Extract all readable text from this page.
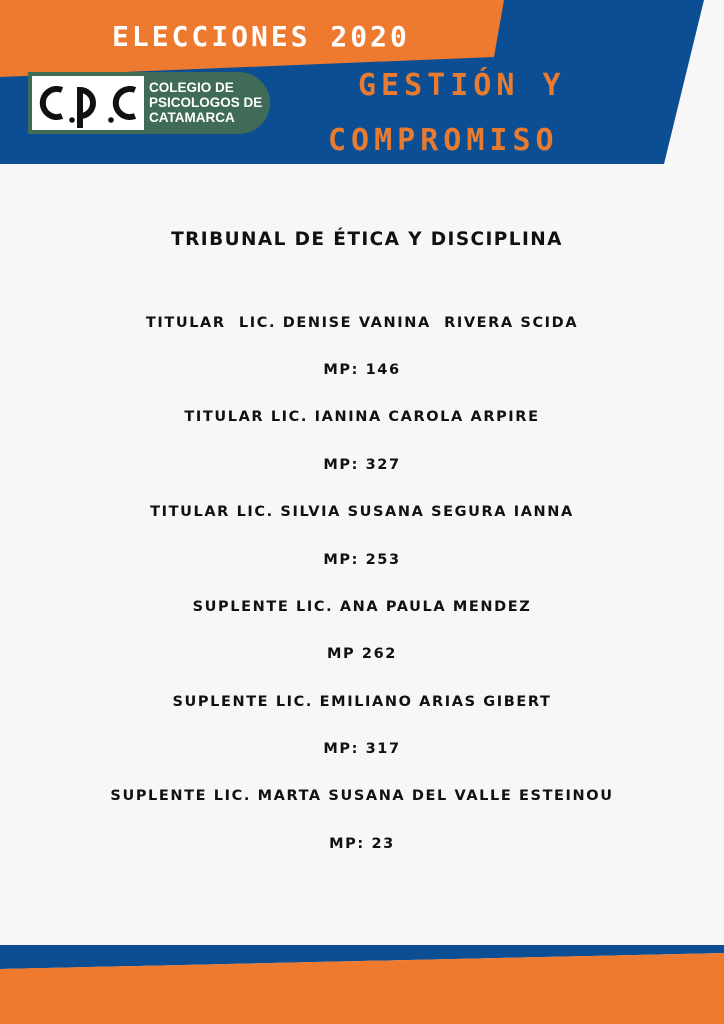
ELECCIONES 2020
COLEGIO DE
PSICOLOGOS DE
CATAMARCA
GESTIÓN Y
COMPROMISO
TRIBUNAL DE ÉTICA Y DISCIPLINA
TITULAR  LIC. DENISE VANINA  RIVERA SCIDA
MP: 146
TITULAR LIC. IANINA CAROLA ARPIRE
MP: 327
TITULAR LIC. SILVIA SUSANA SEGURA IANNA
MP: 253
SUPLENTE LIC. ANA PAULA MENDEZ
MP 262
SUPLENTE LIC. EMILIANO ARIAS GIBERT
MP: 317
SUPLENTE LIC. MARTA SUSANA DEL VALLE ESTEINOU
MP: 23
